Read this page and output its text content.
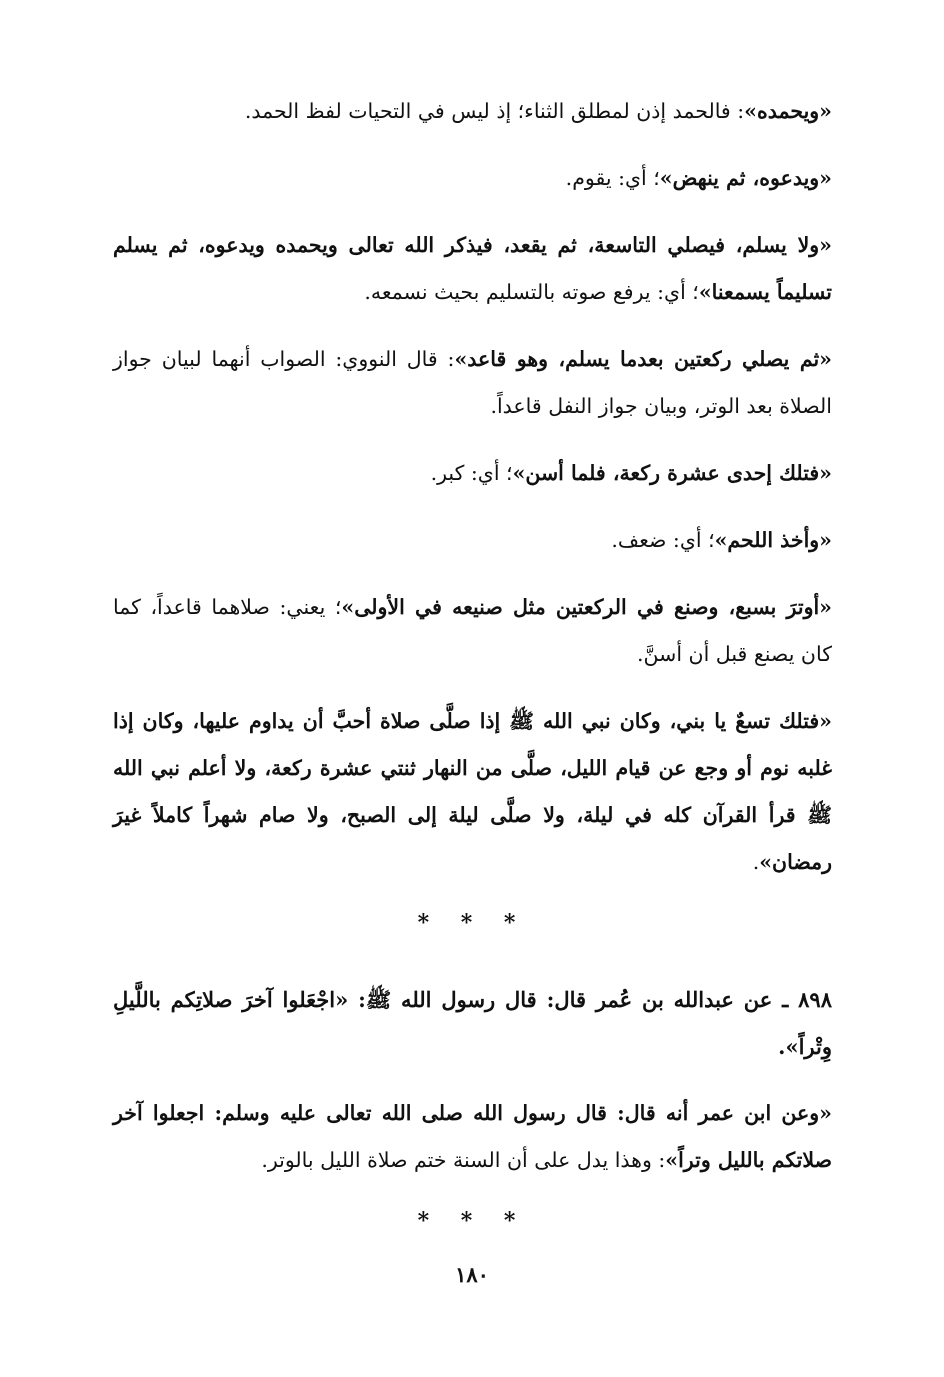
«ويحمده»: فالحمد إذن لمطلق الثناء؛ إذ ليس في التحيات لفظ الحمد.

«ويدعوه، ثم ينهض»؛ أي: يقوم.

«ولا يسلم، فيصلي التاسعة، ثم يقعد، فيذكر الله تعالى ويحمده ويدعوه، ثم يسلم تسليماً يسمعنا»؛ أي: يرفع صوته بالتسليم بحيث نسمعه.

«ثم يصلي ركعتين بعدما يسلم، وهو قاعد»: قال النووي: الصواب أنهما لبيان جواز الصلاة بعد الوتر، وبيان جواز النفل قاعداً.

«فتلك إحدى عشرة ركعة، فلما أسن»؛ أي: كبر.

«وأخذ اللحم»؛ أي: ضعف.

«أوترَ بسبع، وصنع في الركعتين مثل صنيعه في الأولى»؛ يعني: صلاهما قاعداً، كما كان يصنع قبل أن أسنَّ.

«فتلك تسعٌ يا بني، وكان نبي الله ﷺ إذا صلَّى صلاة أحبَّ أن يداوم عليها، وكان إذا غلبه نوم أو وجع عن قيام الليل، صلَّى من النهار ثنتي عشرة ركعة، ولا أعلم نبي الله ﷺ قرأ القرآن كله في ليلة، ولا صلَّى ليلة إلى الصبح، ولا صام شهراً كاملاً غيرَ رمضان».

* * *

٨٩٨ ـ عن عبدالله بن عُمر قال: قال رسول الله ﷺ: «اجْعَلوا آخرَ صلاتِكم باللَّيلِ وِتْراً».

«وعن ابن عمر أنه قال: قال رسول الله صلى الله تعالى عليه وسلم: اجعلوا آخر صلاتكم بالليل وتراً»: وهذا يدل على أن السنة ختم صلاة الليل بالوتر.

* * *
١٨٠
